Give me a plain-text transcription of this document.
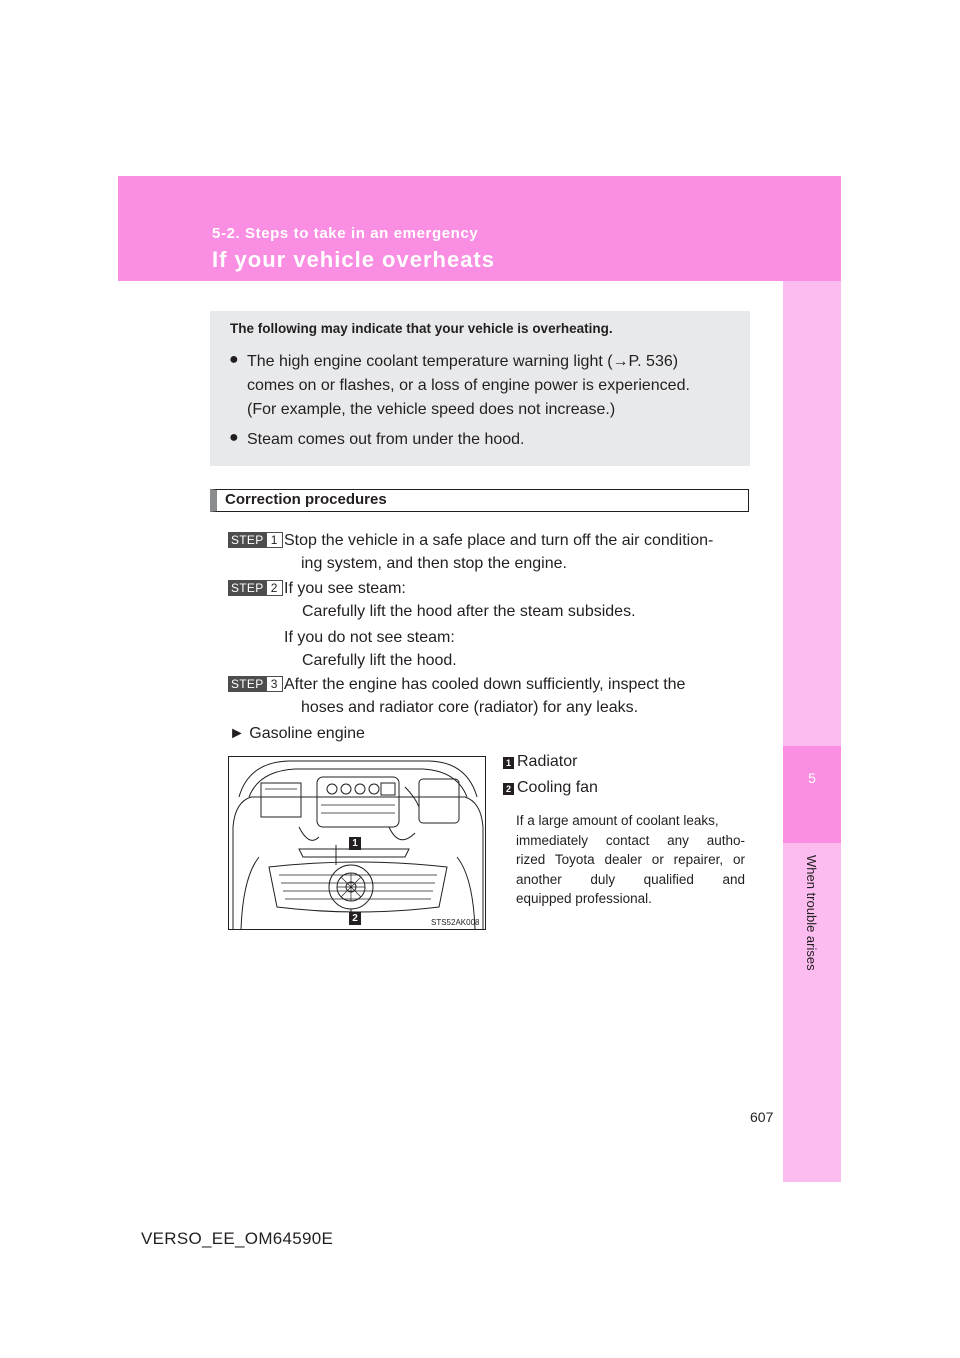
5-2. Steps to take in an emergency
If your vehicle overheats
5
When trouble arises
The following may indicate that your vehicle is overheating.
● The high engine coolant temperature warning light (→P. 536)
comes on or flashes, or a loss of engine power is experienced.
(For example, the vehicle speed does not increase.)
● Steam comes out from under the hood.
Correction procedures
STEP 1 Stop the vehicle in a safe place and turn off the air condition-
ing system, and then stop the engine.
STEP 2 If you see steam:
Carefully lift the hood after the steam subsides.
If you do not see steam:
Carefully lift the hood.
STEP 3 After the engine has cooled down sufficiently, inspect the
hoses and radiator core (radiator) for any leaks.
► Gasoline engine
1
2	STS52AK008
1 Radiator
2 Cooling fan
If a large amount of coolant leaks,
immediately contact any autho-
rized Toyota dealer or repairer, or
another duly qualified and
equipped professional.
607
VERSO_EE_OM64590E
